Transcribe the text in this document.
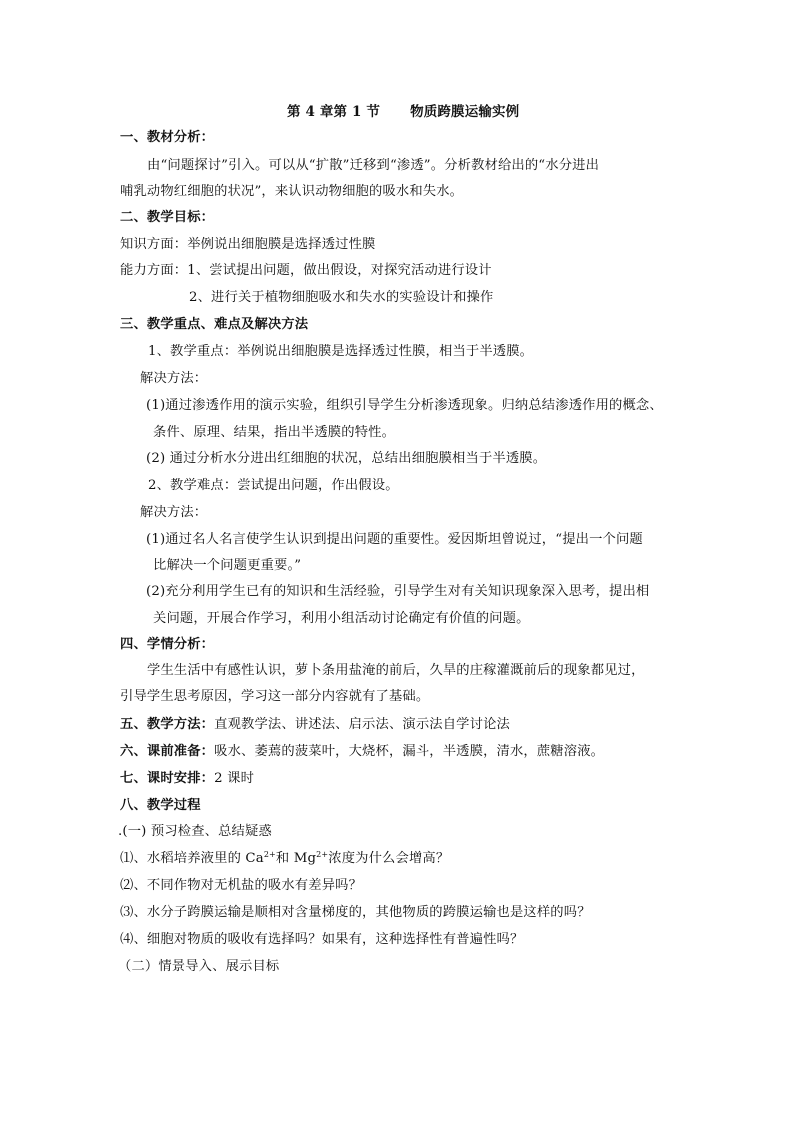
第 4 章第 1 节 物质跨膜运输实例
一、教材分析：
由“问题探讨”引入。可以从“扩散”迁移到“渗透”。分析教材给出的“水分进出
哺乳动物红细胞的状况”，来认识动物细胞的吸水和失水。
二、教学目标：
知识方面：举例说出细胞膜是选择透过性膜
能力方面：1、尝试提出问题，做出假设，对探究活动进行设计
2、进行关于植物细胞吸水和失水的实验设计和操作
三、教学重点、难点及解决方法
1、教学重点：举例说出细胞膜是选择透过性膜，相当于半透膜。
解决方法：
(1)通过渗透作用的演示实验，组织引导学生分析渗透现象。归纳总结渗透作用的概念、
条件、原理、结果，指出半透膜的特性。
(2) 通过分析水分进出红细胞的状况，总结出细胞膜相当于半透膜。
2、教学难点：尝试提出问题，作出假设。
解决方法：
(1)通过名人名言使学生认识到提出问题的重要性。爱因斯坦曾说过，“提出一个问题
比解决一个问题更重要。”
(2)充分利用学生已有的知识和生活经验，引导学生对有关知识现象深入思考，提出相
关问题，开展合作学习，利用小组活动讨论确定有价值的问题。
四、学情分析：
学生生活中有感性认识，萝卜条用盐淹的前后，久旱的庄稼灌溉前后的现象都见过，
引导学生思考原因，学习这一部分内容就有了基础。
五、教学方法：直观教学法、讲述法、启示法、演示法自学讨论法
六、课前准备：吸水、萎蔫的菠菜叶，大烧杯，漏斗，半透膜，清水，蔗糖溶液。
七、课时安排：2 课时
八、教学过程
.(一) 预习检查、总结疑惑
⑴、水稻培养液里的 $Ca^{2+}$和 $Mg^{2+}$浓度为什么会增高？
⑵、不同作物对无机盐的吸水有差异吗？
⑶、水分子跨膜运输是顺相对含量梯度的，其他物质的跨膜运输也是这样的吗？
⑷、细胞对物质的吸收有选择吗？如果有，这种选择性有普遍性吗？
（二）情景导入、展示目标
